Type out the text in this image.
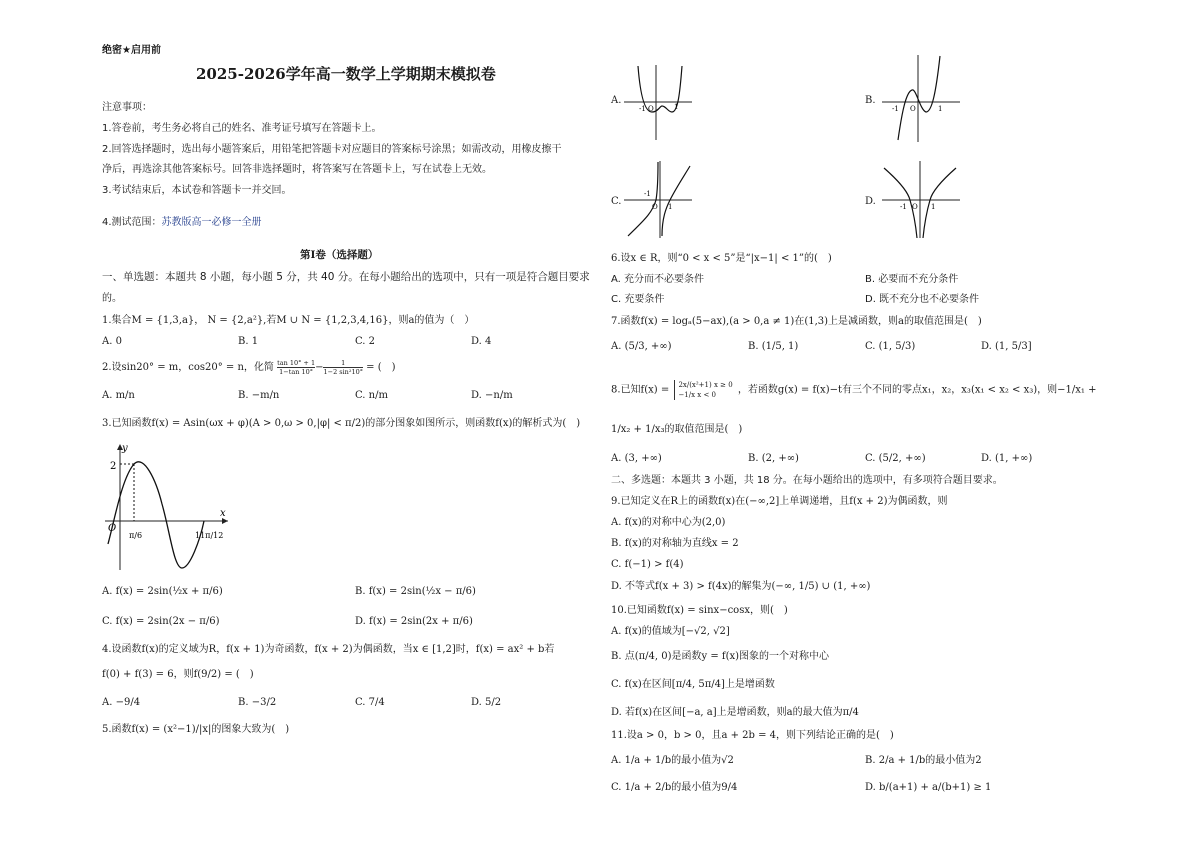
绝密★启用前
2025-2026学年高一数学上学期期末模拟卷
注意事项：
1.答卷前，考生务必将自己的姓名、准考证号填写在答题卡上。
2.回答选择题时，选出每小题答案后，用铅笔把答题卡对应题目的答案标号涂黑；如需改动，用橡皮擦干
净后，再选涂其他答案标号。回答非选择题时，将答案写在答题卡上，写在试卷上无效。
3.考试结束后，本试卷和答题卡一并交回。
4.测试范围：苏教版高一必修一全册
第Ⅰ卷（选择题）
一、单选题：本题共 8 小题，每小题 5 分，共 40 分。在每小题给出的选项中，只有一项是符合题目要求
的。
1.集合M = {1,3,a}， N = {2,a²},若M ∪ N = {1,2,3,4,16}，则a的值为（　）
A. 0	B. 1	C. 2	D. 4
2.设sin20° = m，cos20° = n，化简 $\frac{\tan 10^\circ + 1}{1-\tan 10^\circ} - \frac{1}{\text{1−2 sin²10°}}$ = (　)
A. m/n	B. −m/n	C. n/m	D. −n/m
3.已知函数f(x) = Asin(ωx + φ)(A > 0,ω > 0,|φ| < π/2)的部分图象如图所示，则函数f(x)的解析式为(　)
y
x
O
2
π/6	11π/12
A. f(x) = 2sin(½x + π/6)	B. f(x) = 2sin(½x − π/6)
C. f(x) = 2sin(2x − π/6)	D. f(x) = 2sin(2x + π/6)
4.设函数f(x)的定义域为R，f(x + 1)为奇函数，f(x + 2)为偶函数，当x ∈ [1,2]时，f(x) = ax² + b若
f(0) + f(3) = 6，则f(9/2) = (　)
A. −9/4	B. −3/2	C. 7/4	D. 5/2
5.函数f(x) = (x²−1)/|x|的图象大致为(　)
A.
-1 O	1
B.
-1 O	1
C.
-1
O 1	D.	-1 O 1
6.设x ∈ R，则“0 < x < 5”是“|x−1| < 1”的(　)
A. 充分而不必要条件	B. 必要而不充分条件
C. 充要条件	D. 既不充分也不必要条件
7.函数f(x) = logₐ(5−ax),(a > 0,a ≠ 1)在(1,3)上是减函数，则a的取值范围是(　)
A. (5/3, +∞)	B. (1/5, 1)	C. (1, 5/3)	D. (1, 5/3]
8.已知f(x) = 2x/(x²+1) x ≥ 0
−1/x x < 0	，若函数g(x) = f(x)−t有三个不同的零点x₁，x₂，x₃(x₁ < x₂ < x₃)，则−1/x₁ +
1/x₂ + 1/x₃的取值范围是(　)
A. (3, +∞)	B. (2, +∞)	C. (5/2, +∞)	D. (1, +∞)
二、多选题：本题共 3 小题，共 18 分。在每小题给出的选项中，有多项符合题目要求。
9.已知定义在R上的函数f(x)在(−∞,2]上单调递增，且f(x + 2)为偶函数，则
A. f(x)的对称中心为(2,0)
B. f(x)的对称轴为直线x = 2
C. f(−1) > f(4)
D. 不等式f(x + 3) > f(4x)的解集为(−∞, 1/5) ∪ (1, +∞)
10.已知函数f(x) = sinx−cosx，则(　)
A. f(x)的值域为[−√2, √2]
B. 点(π/4, 0)是函数y = f(x)图象的一个对称中心
C. f(x)在区间[π/4, 5π/4]上是增函数
D. 若f(x)在区间[−a, a]上是增函数，则a的最大值为π/4
11.设a > 0，b > 0，且a + 2b = 4，则下列结论正确的是(　)
A. 1/a + 1/b的最小值为√2	B. 2/a + 1/b的最小值为2
C. 1/a + 2/b的最小值为9/4	D. b/(a+1) + a/(b+1) ≥ 1
